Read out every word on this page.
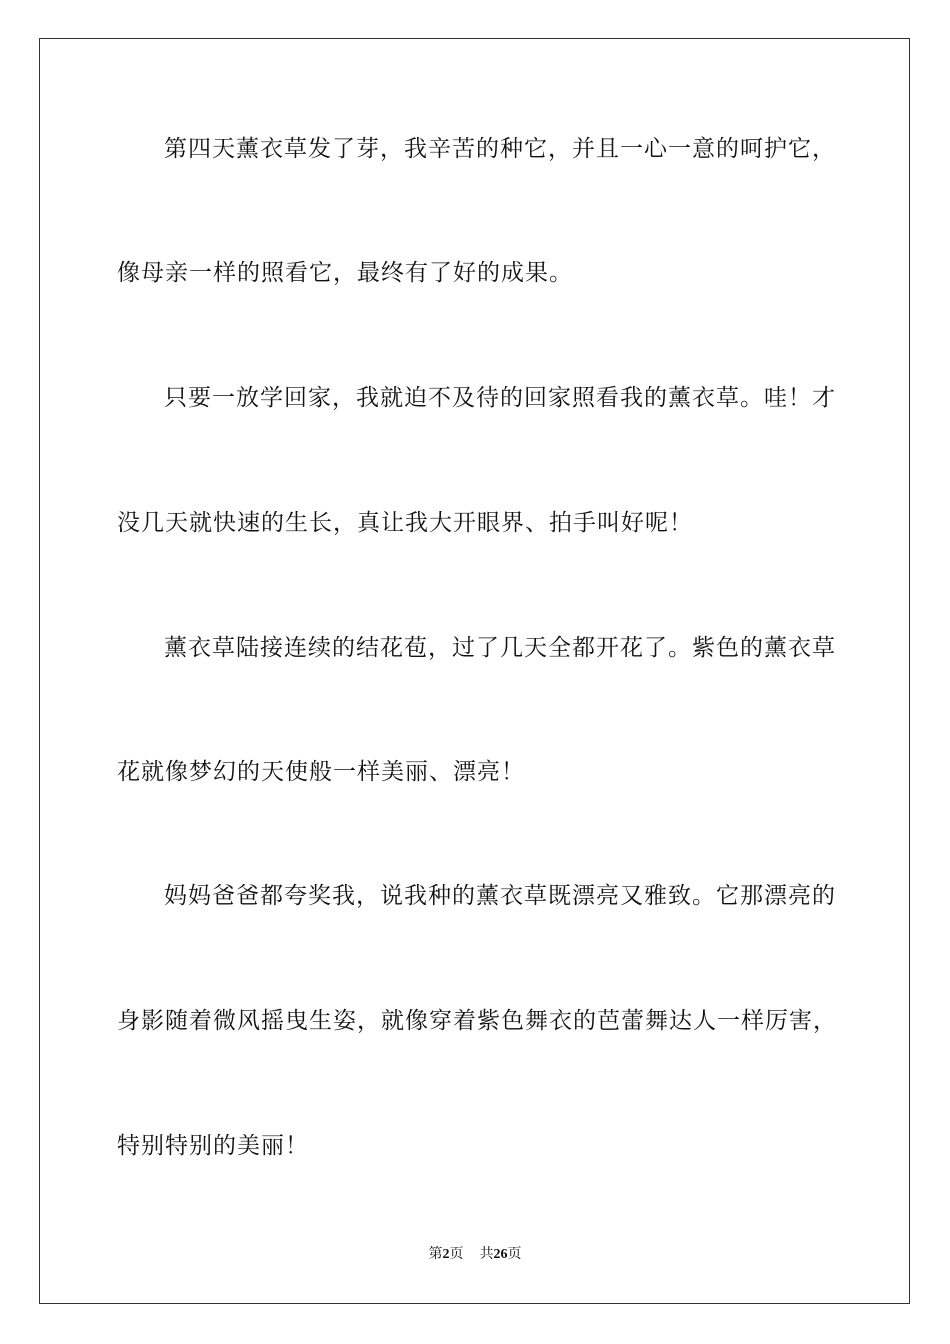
第四天薰衣草发了芽，我辛苦的种它，并且一心一意的呵护它，
像母亲一样的照看它，最终有了好的成果。
只要一放学回家，我就迫不及待的回家照看我的薰衣草。哇！才
没几天就快速的生长，真让我大开眼界、拍手叫好呢！
薰衣草陆接连续的结花苞，过了几天全都开花了。紫色的薰衣草
花就像梦幻的天使般一样美丽、漂亮！
妈妈爸爸都夸奖我，说我种的薰衣草既漂亮又雅致。它那漂亮的
身影随着微风摇曳生姿，就像穿着紫色舞衣的芭蕾舞达人一样厉害，
特别特别的美丽！
第2页 共26页
